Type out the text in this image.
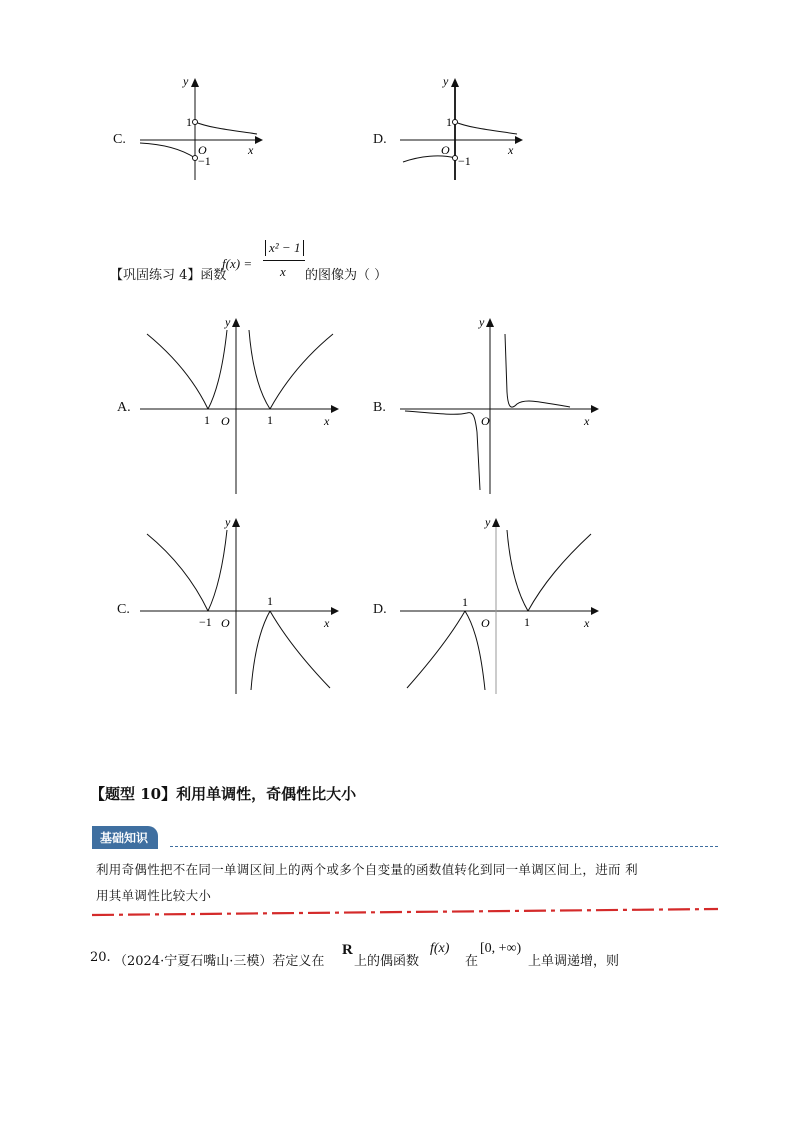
C.
y
x
O
1
−1
D.
y
x
O
1
−1
【巩固练习 4】函数
f(x) =
x² − 1
x 的图像为（ ）
A.
y
x
O
1	1
B.
y
x
O
C.
y
x
O
−1
1
D.
y
x
O
1
1
【题型 10】利用单调性，奇偶性比大小
基础知识
利用奇偶性把不在同一单调区间上的两个或多个自变量的函数值转化到同一单调区间上，进而 利
用其单调性比较大小
20. （2024·宁夏石嘴山·三模）若定义在
R
上的偶函数
f(x)
在
[0, +∞)
上单调递增，则
